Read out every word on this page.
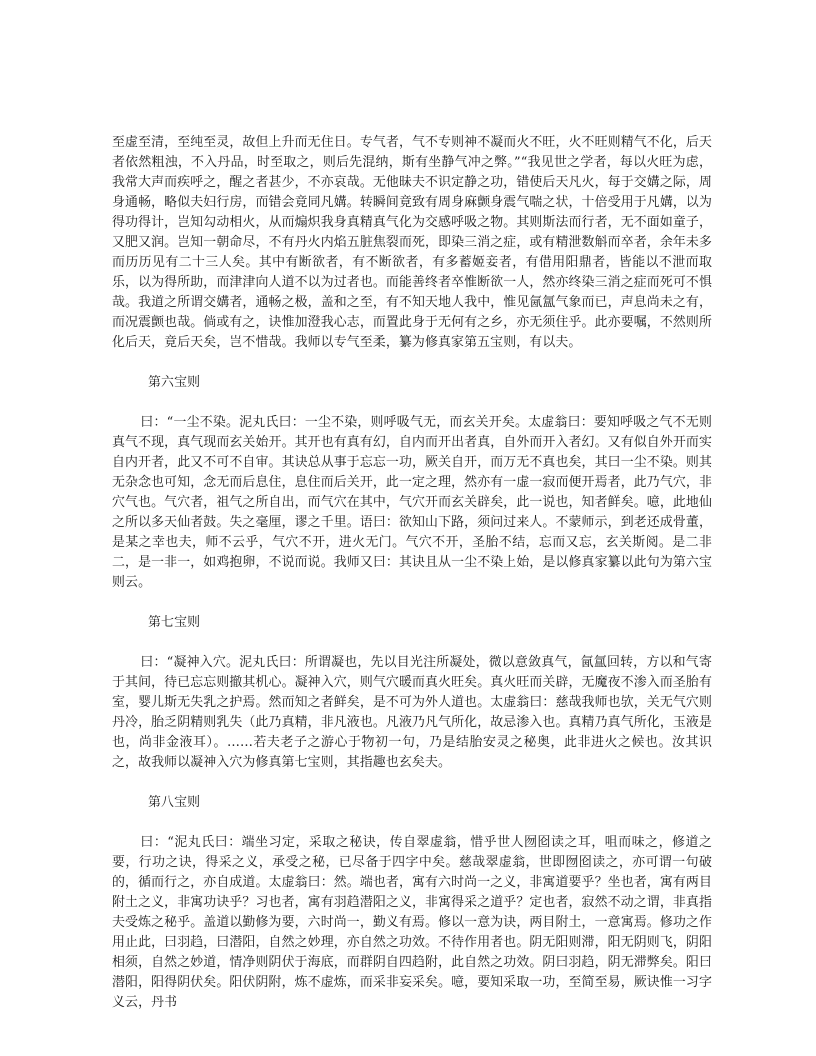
至虚至清，至纯至灵，故但上升而无住日。专气者，气不专则神不凝而火不旺，火不旺则精气不化，后天者依然粗浊，不入丹品，时至取之，则后先混纳，斯有坐静气冲之弊。”“我见世之学者，每以火旺为虑，我常大声而疾呼之，醒之者甚少，不亦哀哉。无他昧夫不识定静之功，错使后天凡火，每于交媾之际，周身通畅，略似夫妇行房，而错会竟同凡媾。转瞬间竟致有周身麻颤身震气喘之状，十倍受用于凡媾，以为得功得计，岂知勾动相火，从而煽炽我身真精真气化为交感呼吸之物。其则斯法而行者，无不面如童子，又肥又润。岂知一朝命尽，不有丹火内焰五脏焦裂而死，即染三消之症，或有精泄数斛而卒者，余年未多而历历见有二十三人矣。其中有断欲者，有不断欲者，有多蓄姬妾者，有借用阳鼎者，皆能以不泄而取乐，以为得所助，而津津向人道不以为过者也。而能善终者卒惟断欲一人，然亦终染三消之症而死可不惧哉。我道之所谓交媾者，通畅之极，盖和之至，有不知天地人我中，惟见氤氲气象而已，声息尚未之有，而况震颤也哉。倘或有之，诀惟加澄我心志，而置此身于无何有之乡，亦无须住乎。此亦要嘱，不然则所化后天，竟后天矣，岂不惜哉。我师以专气至柔，纂为修真家第五宝则，有以夫。

第六宝则

曰：“一尘不染。泥丸氏曰：一尘不染，则呼吸气无，而玄关开矣。太虚翁曰：要知呼吸之气不无则真气不现，真气现而玄关始开。其开也有真有幻，自内而开出者真，自外而开入者幻。又有似自外开而实自内开者，此又不可不自审。其诀总从事于忘忘一功，厥关自开，而万无不真也矣，其曰一尘不染。则其无杂念也可知，念无而后息住，息住而后关开，此一定之理，然亦有一虚一寂而便开焉者，此乃气穴，非穴气也。气穴者，祖气之所自出，而气穴在其中，气穴开而玄关辟矣，此一说也，知者鲜矣。噫，此地仙之所以多天仙者鼓。失之毫厘，谬之千里。语曰：欲知山下路，须问过来人。不蒙师示，到老还成骨董，是某之幸也夫，师不云乎，气穴不开，进火无门。气穴不开，圣胎不结，忘而又忘，玄关斯阅。是二非二，是一非一，如鸡抱卵，不说而说。我师又曰：其诀且从一尘不染上始，是以修真家纂以此句为第六宝则云。

第七宝则

曰：“凝神入穴。泥丸氏曰：所谓凝也，先以目光注所凝处，微以意敛真气，氤氲回转，方以和气寄于其间，待已忘忘则撤其机心。凝神入穴，则气穴暖而真火旺矣。真火旺而关辟，无魔夜不渗入而圣胎有室，婴儿斯无失乳之护焉。然而知之者鲜矣，是不可为外人道也。太虚翁曰：慈哉我师也欤，关无气穴则丹冷，胎乏阴精则乳失（此乃真精，非凡液也。凡液乃凡气所化，故忌渗入也。真精乃真气所化，玉液是也，尚非金液耳）。……若夫老子之游心于物初一句，乃是结胎安灵之秘奥，此非进火之候也。汝其识之，故我师以凝神入穴为修真第七宝则，其指趣也玄矣夫。

第八宝则

曰：“泥丸氏曰：端坐习定，采取之秘诀，传自翠虚翁，惜乎世人囫囵读之耳，咀而味之，修道之要，行功之诀，得采之义，承受之秘，已尽备于四字中矣。慈哉翠虚翁，世即囫囵读之，亦可谓一句破的，循而行之，亦自成道。太虚翁曰：然。端也者，寓有六时尚一之义，非寓道要乎？坐也者，寓有两目附土之义，非寓功诀乎？习也者，寓有羽趋潜阳之义，非寓得采之道乎？定也者，寂然不动之谓，非真指夫受炼之秘乎。盖道以勤修为要，六时尚一，勤义有焉。修以一意为诀，两目附土，一意寓焉。修功之作用止此，曰羽趋，曰潜阳，自然之妙理，亦自然之功效。不待作用者也。阴无阳则滞，阳无阴则飞，阴阳相须，自然之妙道，情净则阴伏于海底，而群阴自四趋附，此自然之功效。阴曰羽趋，阴无滞弊矣。阳曰潜阳，阳得阴伏矣。阳伏阴附，炼不虚炼，而采非妄采矣。噫，要知采取一功，至简至易，厥诀惟一习字义云，丹书
